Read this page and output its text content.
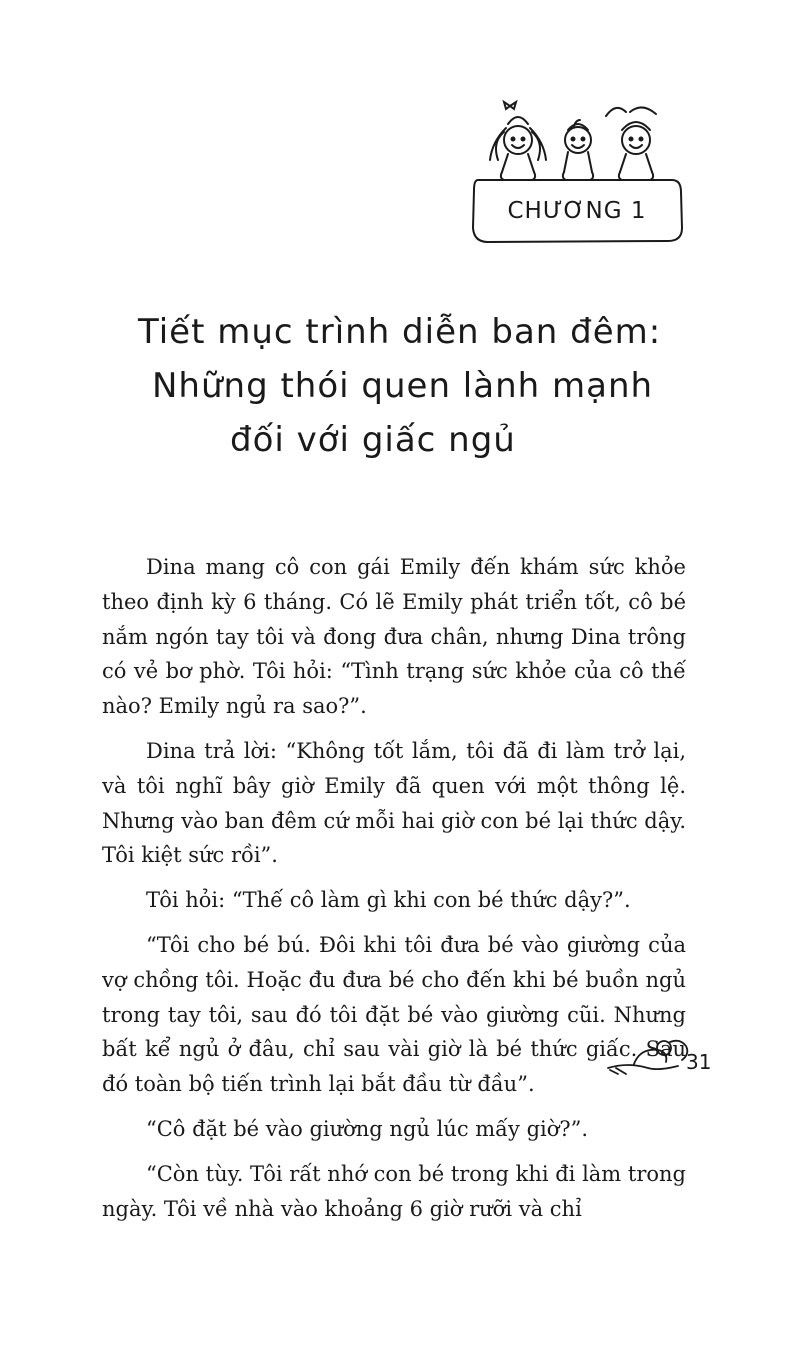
CHƯƠNG 1
Tiết mục trình diễn ban đêm:
Những thói quen lành mạnh
đối với giấc ngủ

Dina mang cô con gái Emily đến khám sức khỏe theo định kỳ 6 tháng. Có lẽ Emily phát triển tốt, cô bé nắm ngón tay tôi và đong đưa chân, nhưng Dina trông có vẻ bơ phờ. Tôi hỏi: “Tình trạng sức khỏe của cô thế nào? Emily ngủ ra sao?”.

Dina trả lời: “Không tốt lắm, tôi đã đi làm trở lại, và tôi nghĩ bây giờ Emily đã quen với một thông lệ. Nhưng vào ban đêm cứ mỗi hai giờ con bé lại thức dậy. Tôi kiệt sức rồi”.

Tôi hỏi: “Thế cô làm gì khi con bé thức dậy?”.

“Tôi cho bé bú. Đôi khi tôi đưa bé vào giường của vợ chồng tôi. Hoặc đu đưa bé cho đến khi bé buồn ngủ trong tay tôi, sau đó tôi đặt bé vào giường cũi. Nhưng bất kể ngủ ở đâu, chỉ sau vài giờ là bé thức giấc. Sau đó toàn bộ tiến trình lại bắt đầu từ đầu”.

“Cô đặt bé vào giường ngủ lúc mấy giờ?”.

“Còn tùy. Tôi rất nhớ con bé trong khi đi làm trong ngày. Tôi về nhà vào khoảng 6 giờ rưỡi và chỉ

31
